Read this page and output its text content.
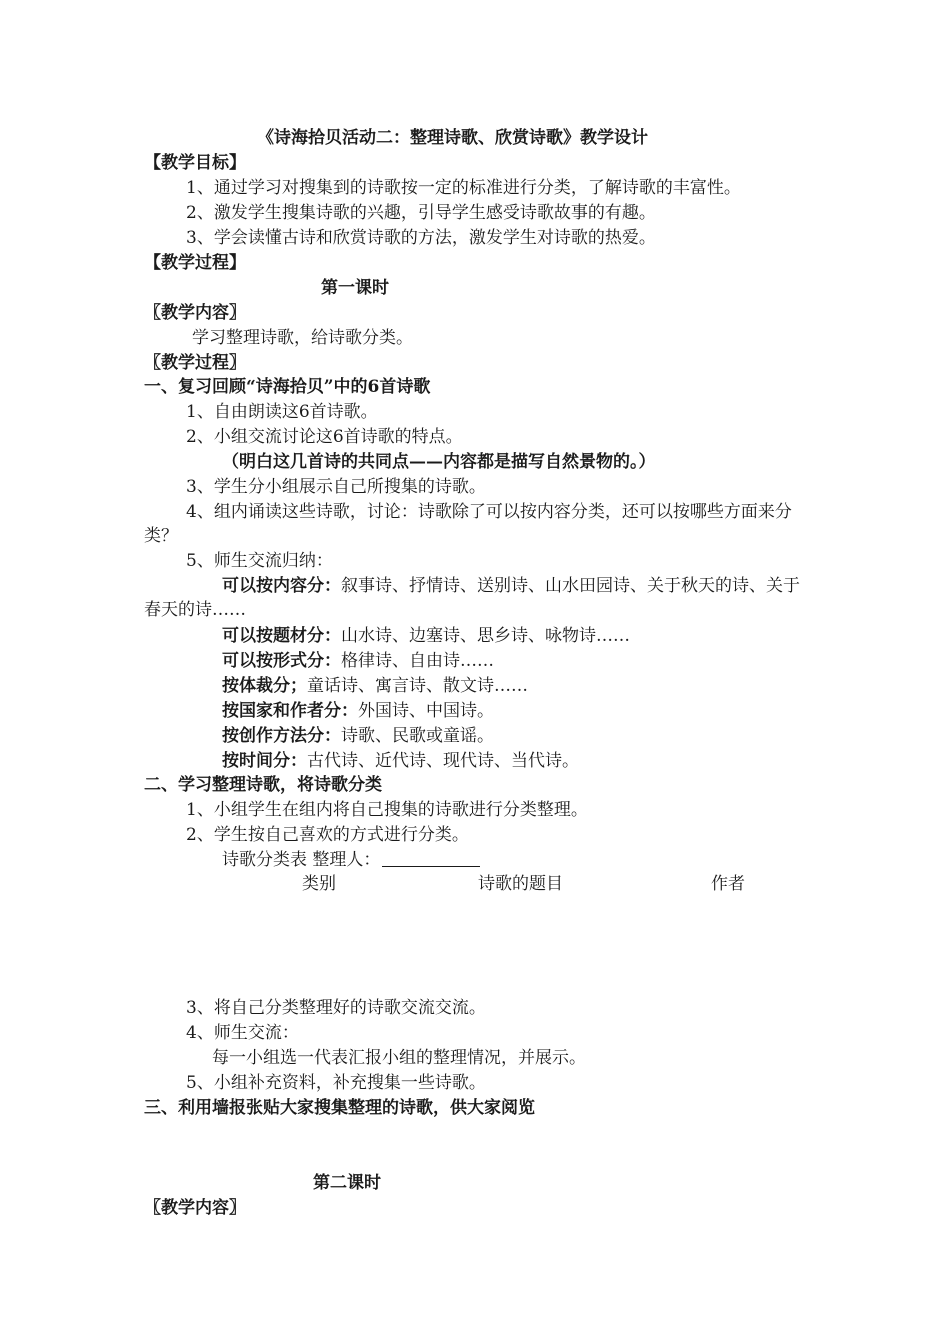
《诗海拾贝活动二：整理诗歌、欣赏诗歌》教学设计
【教学目标】
1、通过学习对搜集到的诗歌按一定的标准进行分类，了解诗歌的丰富性。
2、激发学生搜集诗歌的兴趣，引导学生感受诗歌故事的有趣。
3、学会读懂古诗和欣赏诗歌的方法，激发学生对诗歌的热爱。
【教学过程】
第一课时
〖教学内容〗
学习整理诗歌，给诗歌分类。
〖教学过程〗
一、复习回顾“诗海拾贝”中的6首诗歌
1、自由朗读这6首诗歌。
2、小组交流讨论这6首诗歌的特点。
（明白这几首诗的共同点——内容都是描写自然景物的。）
3、学生分小组展示自己所搜集的诗歌。
4、组内诵读这些诗歌，讨论：诗歌除了可以按内容分类，还可以按哪些方面来分类？
5、师生交流归纳：
可以按内容分：叙事诗、抒情诗、送别诗、山水田园诗、关于秋天的诗、关于春天的诗……
可以按题材分：山水诗、边塞诗、思乡诗、咏物诗……
可以按形式分：格律诗、自由诗……
按体裁分；童话诗、寓言诗、散文诗……
按国家和作者分：外国诗、中国诗。
按创作方法分：诗歌、民歌或童谣。
按时间分：古代诗、近代诗、现代诗、当代诗。
二、学习整理诗歌，将诗歌分类
1、小组学生在组内将自己搜集的诗歌进行分类整理。
2、学生按自己喜欢的方式进行分类。
诗歌分类表 整理人：
类别	诗歌的题目	作者
3、将自己分类整理好的诗歌交流交流。
4、师生交流：
每一小组选一代表汇报小组的整理情况，并展示。
5、小组补充资料，补充搜集一些诗歌。
三、利用墙报张贴大家搜集整理的诗歌，供大家阅览
第二课时
〖教学内容〗
